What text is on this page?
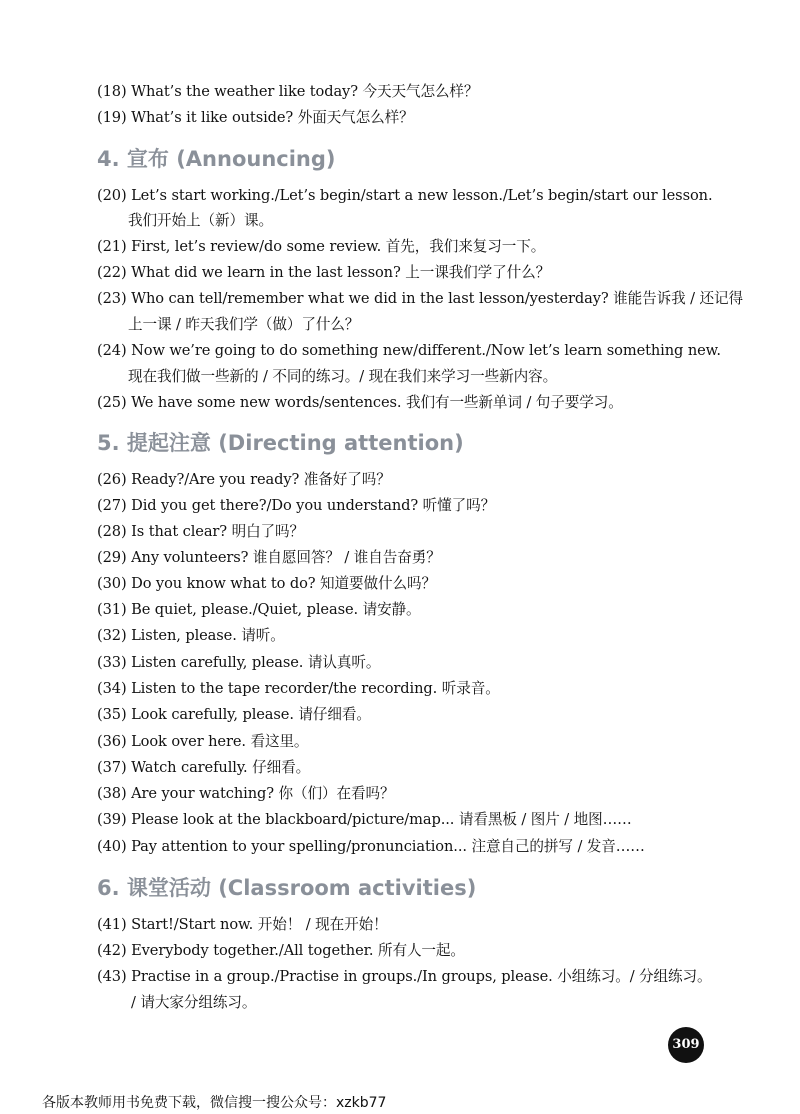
(18) What’s the weather like today? 今天天气怎么样？
(19) What’s it like outside? 外面天气怎么样？
4. 宣布 (Announcing)
(20) Let’s start working./Let’s begin/start a new lesson./Let’s begin/start our lesson.
我们开始上（新）课。
(21) First, let’s review/do some review. 首先，我们来复习一下。
(22) What did we learn in the last lesson? 上一课我们学了什么？
(23) Who can tell/remember what we did in the last lesson/yesterday? 谁能告诉我 / 还记得
上一课 / 昨天我们学（做）了什么？
(24) Now we’re going to do something new/different./Now let’s learn something new.
现在我们做一些新的 / 不同的练习。/ 现在我们来学习一些新内容。
(25) We have some new words/sentences. 我们有一些新单词 / 句子要学习。
5. 提起注意 (Directing attention)
(26) Ready?/Are you ready? 准备好了吗？
(27) Did you get there?/Do you understand? 听懂了吗？
(28) Is that clear? 明白了吗？
(29) Any volunteers? 谁自愿回答？ / 谁自告奋勇？
(30) Do you know what to do? 知道要做什么吗？
(31) Be quiet, please./Quiet, please. 请安静。
(32) Listen, please. 请听。
(33) Listen carefully, please. 请认真听。
(34) Listen to the tape recorder/the recording. 听录音。
(35) Look carefully, please. 请仔细看。
(36) Look over here. 看这里。
(37) Watch carefully. 仔细看。
(38) Are your watching? 你（们）在看吗？
(39) Please look at the blackboard/picture/map... 请看黑板 / 图片 / 地图……
(40) Pay attention to your spelling/pronunciation... 注意自己的拼写 / 发音……
6. 课堂活动 (Classroom activities)
(41) Start!/Start now. 开始！ / 现在开始！
(42) Everybody together./All together. 所有人一起。
(43) Practise in a group./Practise in groups./In groups, please. 小组练习。/ 分组练习。
/ 请大家分组练习。
309
各版本教师用书免费下载，微信搜一搜公众号：xzkb77
